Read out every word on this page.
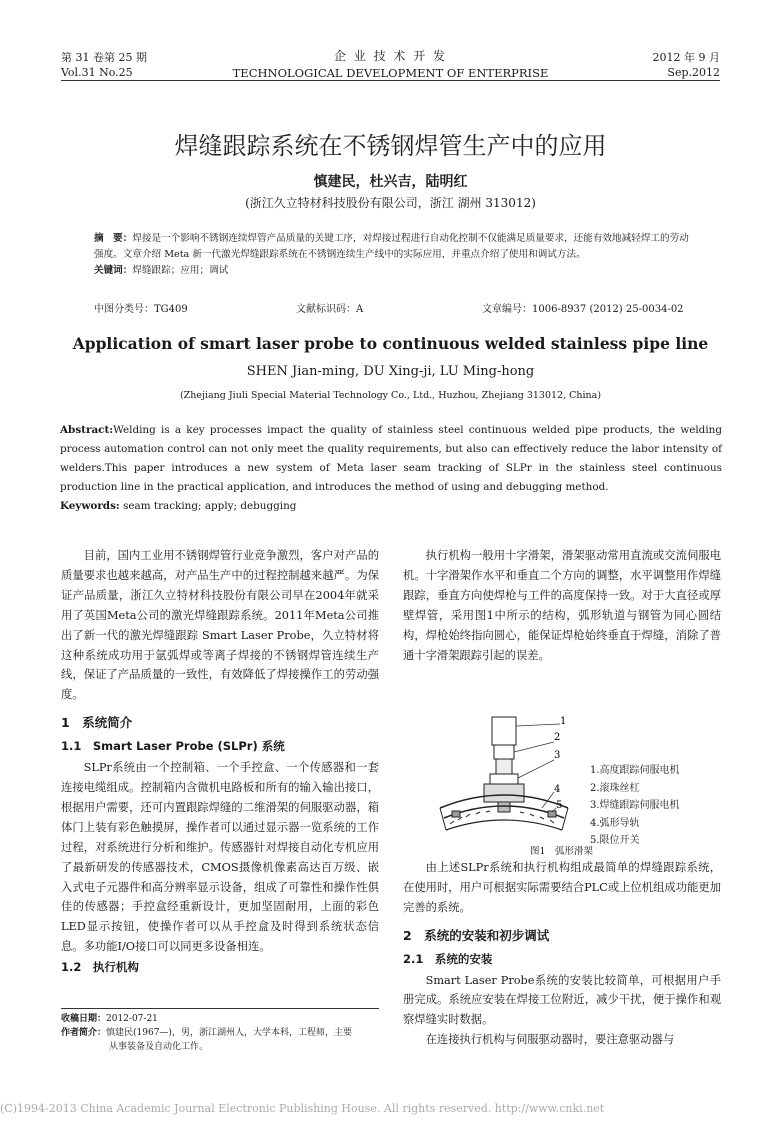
第 31 卷第 25 期
Vol.31 No.25
企 业 技 术 开 发
TECHNOLOGICAL DEVELOPMENT OF ENTERPRISE
2012 年 9 月
Sep.2012
焊缝跟踪系统在不锈钢焊管生产中的应用
慎建民，杜兴吉，陆明红
(浙江久立特材科技股份有限公司，浙江 湖州 313012)
摘　要：焊接是一个影响不锈钢连续焊管产品质量的关键工序，对焊接过程进行自动化控制不仅能满足质量要求，还能有效地减轻焊工的劳动强度。文章介绍 Meta 新一代激光焊缝跟踪系统在不锈钢连续生产线中的实际应用，并重点介绍了使用和调试方法。
关键词：焊缝跟踪；应用；调试
中图分类号：TG409	文献标识码：A	文章编号：1006-8937 (2012) 25-0034-02
Application of smart laser probe to continuous welded stainless pipe line
SHEN Jian-ming, DU Xing-ji, LU Ming-hong
(Zhejiang Jiuli Special Material Technology Co., Ltd., Huzhou, Zhejiang 313012, China)
Abstract:Welding is a key processes impact the quality of stainless steel continuous welded pipe products, the welding process automation control can not only meet the quality requirements, but also can effectively reduce the labor intensity of welders.This paper introduces a new system of Meta laser seam tracking of SLPr in the stainless steel continuous production line in the practical application, and introduces the method of using and debugging method.
Keywords: seam tracking; apply; debugging

目前，国内工业用不锈钢焊管行业竞争激烈，客户对产品的质量要求也越来越高，对产品生产中的过程控制越来越严。为保证产品质量，浙江久立特材科技股份有限公司早在2004年就采用了英国Meta公司的激光焊缝跟踪系统。2011年Meta公司推出了新一代的激光焊缝跟踪 Smart Laser Probe，久立特材将这种系统成功用于氩弧焊或等离子焊接的不锈钢焊管连续生产线，保证了产品质量的一致性，有效降低了焊接操作工的劳动强度。

1　系统简介
1.1　Smart Laser Probe (SLPr) 系统

SLPr系统由一个控制箱、一个手控盒、一个传感器和一套连接电缆组成。控制箱内含微机电路板和所有的输入输出接口，根据用户需要，还可内置跟踪焊缝的二维滑架的伺服驱动器，箱体门上装有彩色触摸屏，操作者可以通过显示器一览系统的工作过程，对系统进行分析和维护。传感器针对焊接自动化专机应用了最新研发的传感器技术，CMOS摄像机像素高达百万级、嵌入式电子元器件和高分辨率显示设备，组成了可靠性和操作性俱佳的传感器；手控盒经重新设计，更加坚固耐用，上面的彩色LED显示按钮，使操作者可以从手控盒及时得到系统状态信息。多功能I/O接口可以同更多设备相连。

1.2　执行机构
收稿日期：2012-07-21
作者简介：慎建民(1967—)，男，浙江湖州人，大学本科，工程师，主要
从事装备及自动化工作。

执行机构一般用十字滑架，滑架驱动常用直流或交流伺服电机。十字滑架作水平和垂直二个方向的调整，水平调整用作焊缝跟踪，垂直方向使焊枪与工件的高度保持一致。对于大直径或厚壁焊管，采用图1中所示的结构，弧形轨道与钢管为同心圆结构，焊枪始终指向圆心，能保证焊枪始终垂直于焊缝，消除了普通十字滑架跟踪引起的误差。

1
2
3
4
5
1.高度跟踪伺服电机
2.滚珠丝杠
3.焊缝跟踪伺服电机
4.弧形导轨
5.限位开关
图1　弧形滑架

由上述SLPr系统和执行机构组成最简单的焊缝跟踪系统，在使用时，用户可根据实际需要结合PLC或上位机组成功能更加完善的系统。

2　系统的安装和初步调试
2.1　系统的安装

Smart Laser Probe系统的安装比较简单，可根据用户手册完成。系统应安装在焊接工位附近，减少干扰，便于操作和观察焊缝实时数据。

在连接执行机构与伺服驱动器时，要注意驱动器与

(C)1994-2013 China Academic Journal Electronic Publishing House. All rights reserved. http://www.cnki.net
